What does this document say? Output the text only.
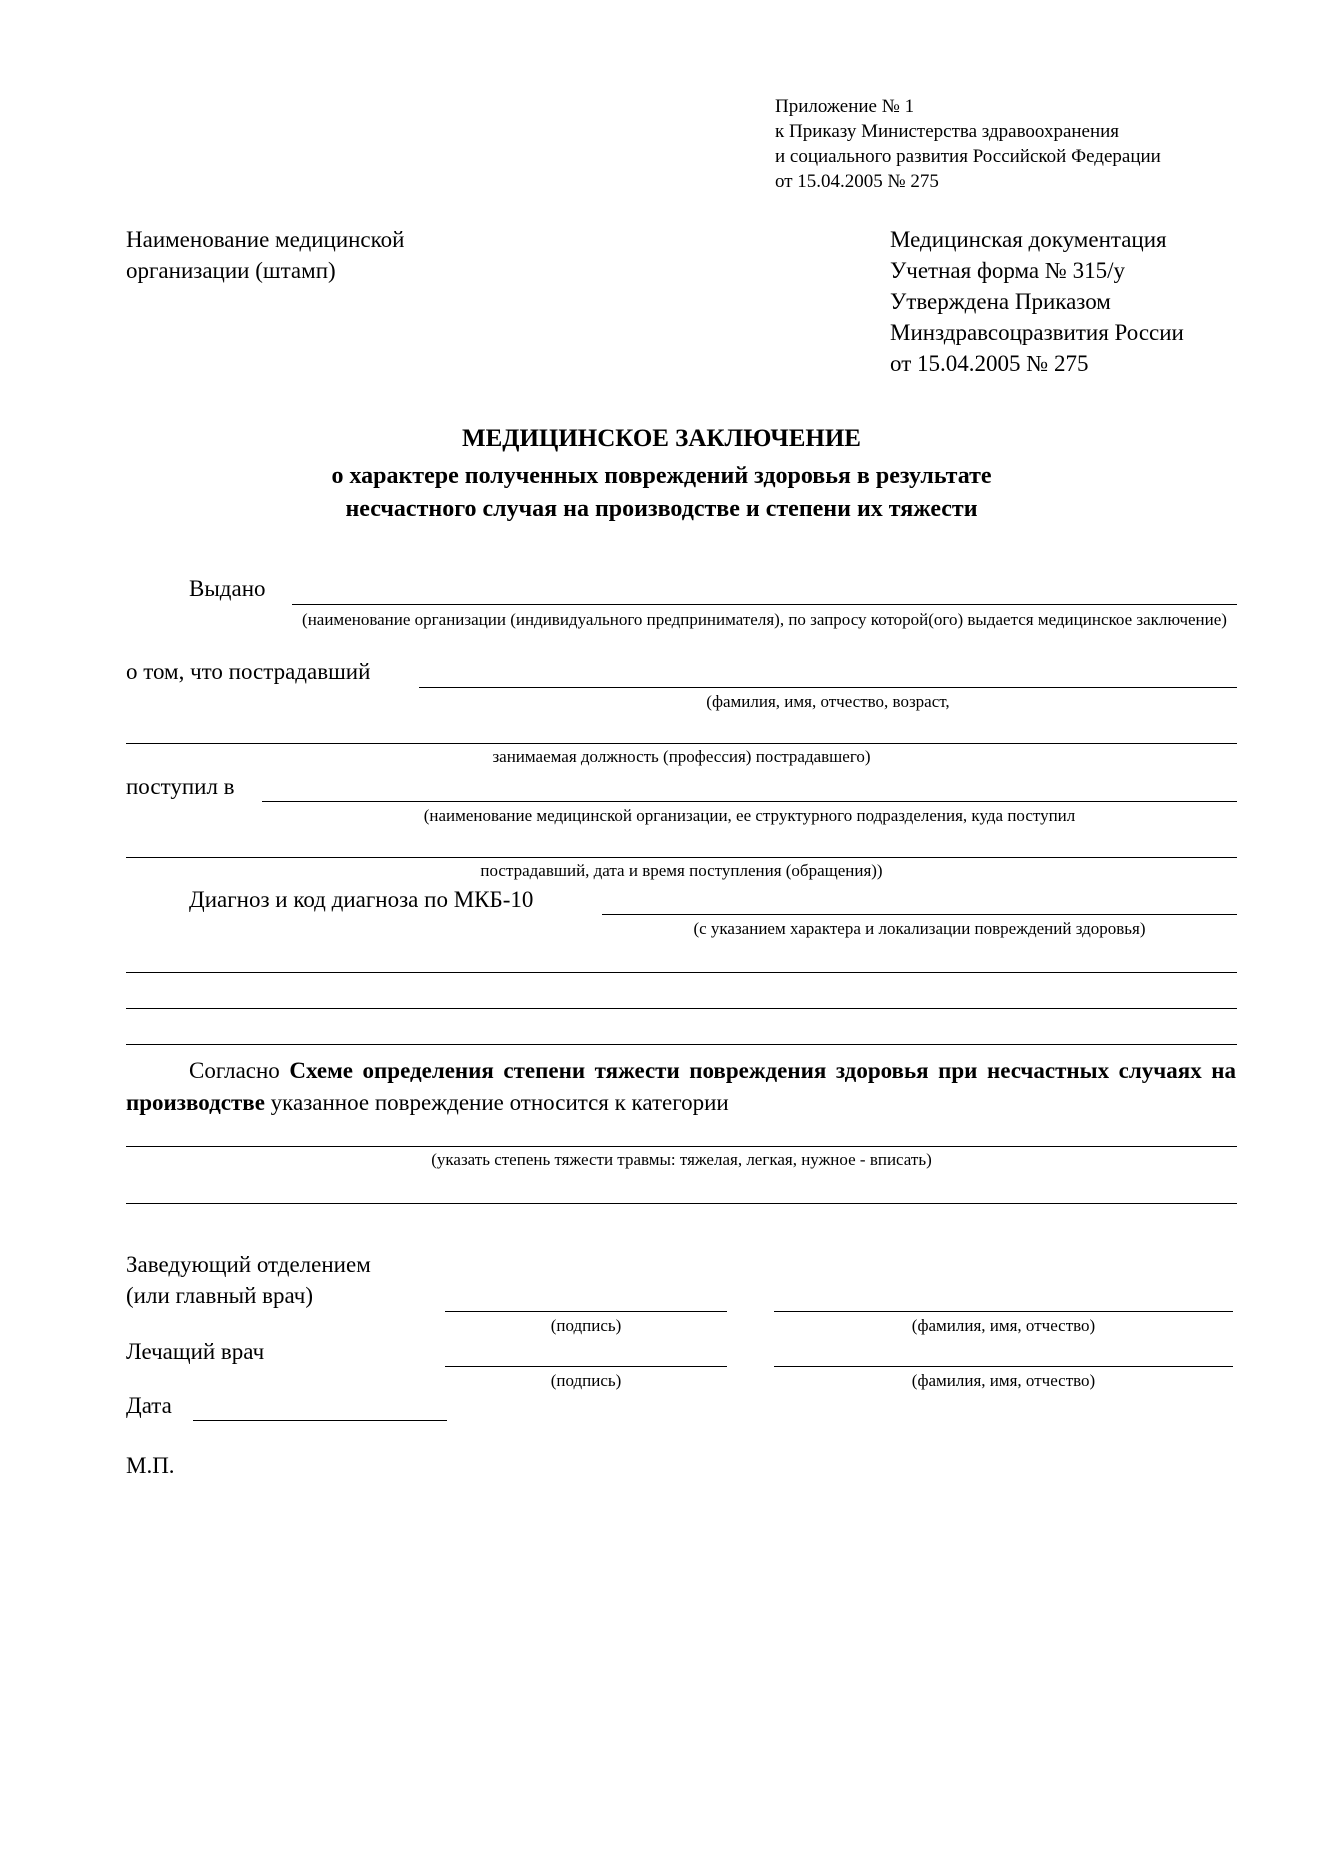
Приложение № 1
к Приказу Министерства здравоохранения
и социального развития Российской Федерации
от 15.04.2005 № 275
Наименование медицинской
организации (штамп)
Медицинская документация
Учетная форма № 315/у
Утверждена Приказом
Минздравсоцразвития России
от 15.04.2005 № 275
МЕДИЦИНСКОЕ ЗАКЛЮЧЕНИЕ
о характере полученных повреждений здоровья в результате
несчастного случая на производстве и степени их тяжести
Выдано
(наименование организации (индивидуального предпринимателя), по запросу которой(ого) выдается медицинское заключение)
о том, что пострадавший
(фамилия, имя, отчество, возраст,
занимаемая должность (профессия) пострадавшего)
поступил в
(наименование медицинской организации, ее структурного подразделения, куда поступил
пострадавший, дата и время поступления (обращения))
Диагноз и код диагноза по МКБ-10
(с указанием характера и локализации повреждений здоровья)
Согласно Схеме определения степени тяжести повреждения здоровья при несчастных случаях на производстве указанное повреждение относится к категории
(указать степень тяжести травмы: тяжелая, легкая, нужное - вписать)
Заведующий отделением
(или главный врач)
(подпись)	(фамилия, имя, отчество)
Лечащий врач
(подпись)	(фамилия, имя, отчество)
Дата
М.П.
